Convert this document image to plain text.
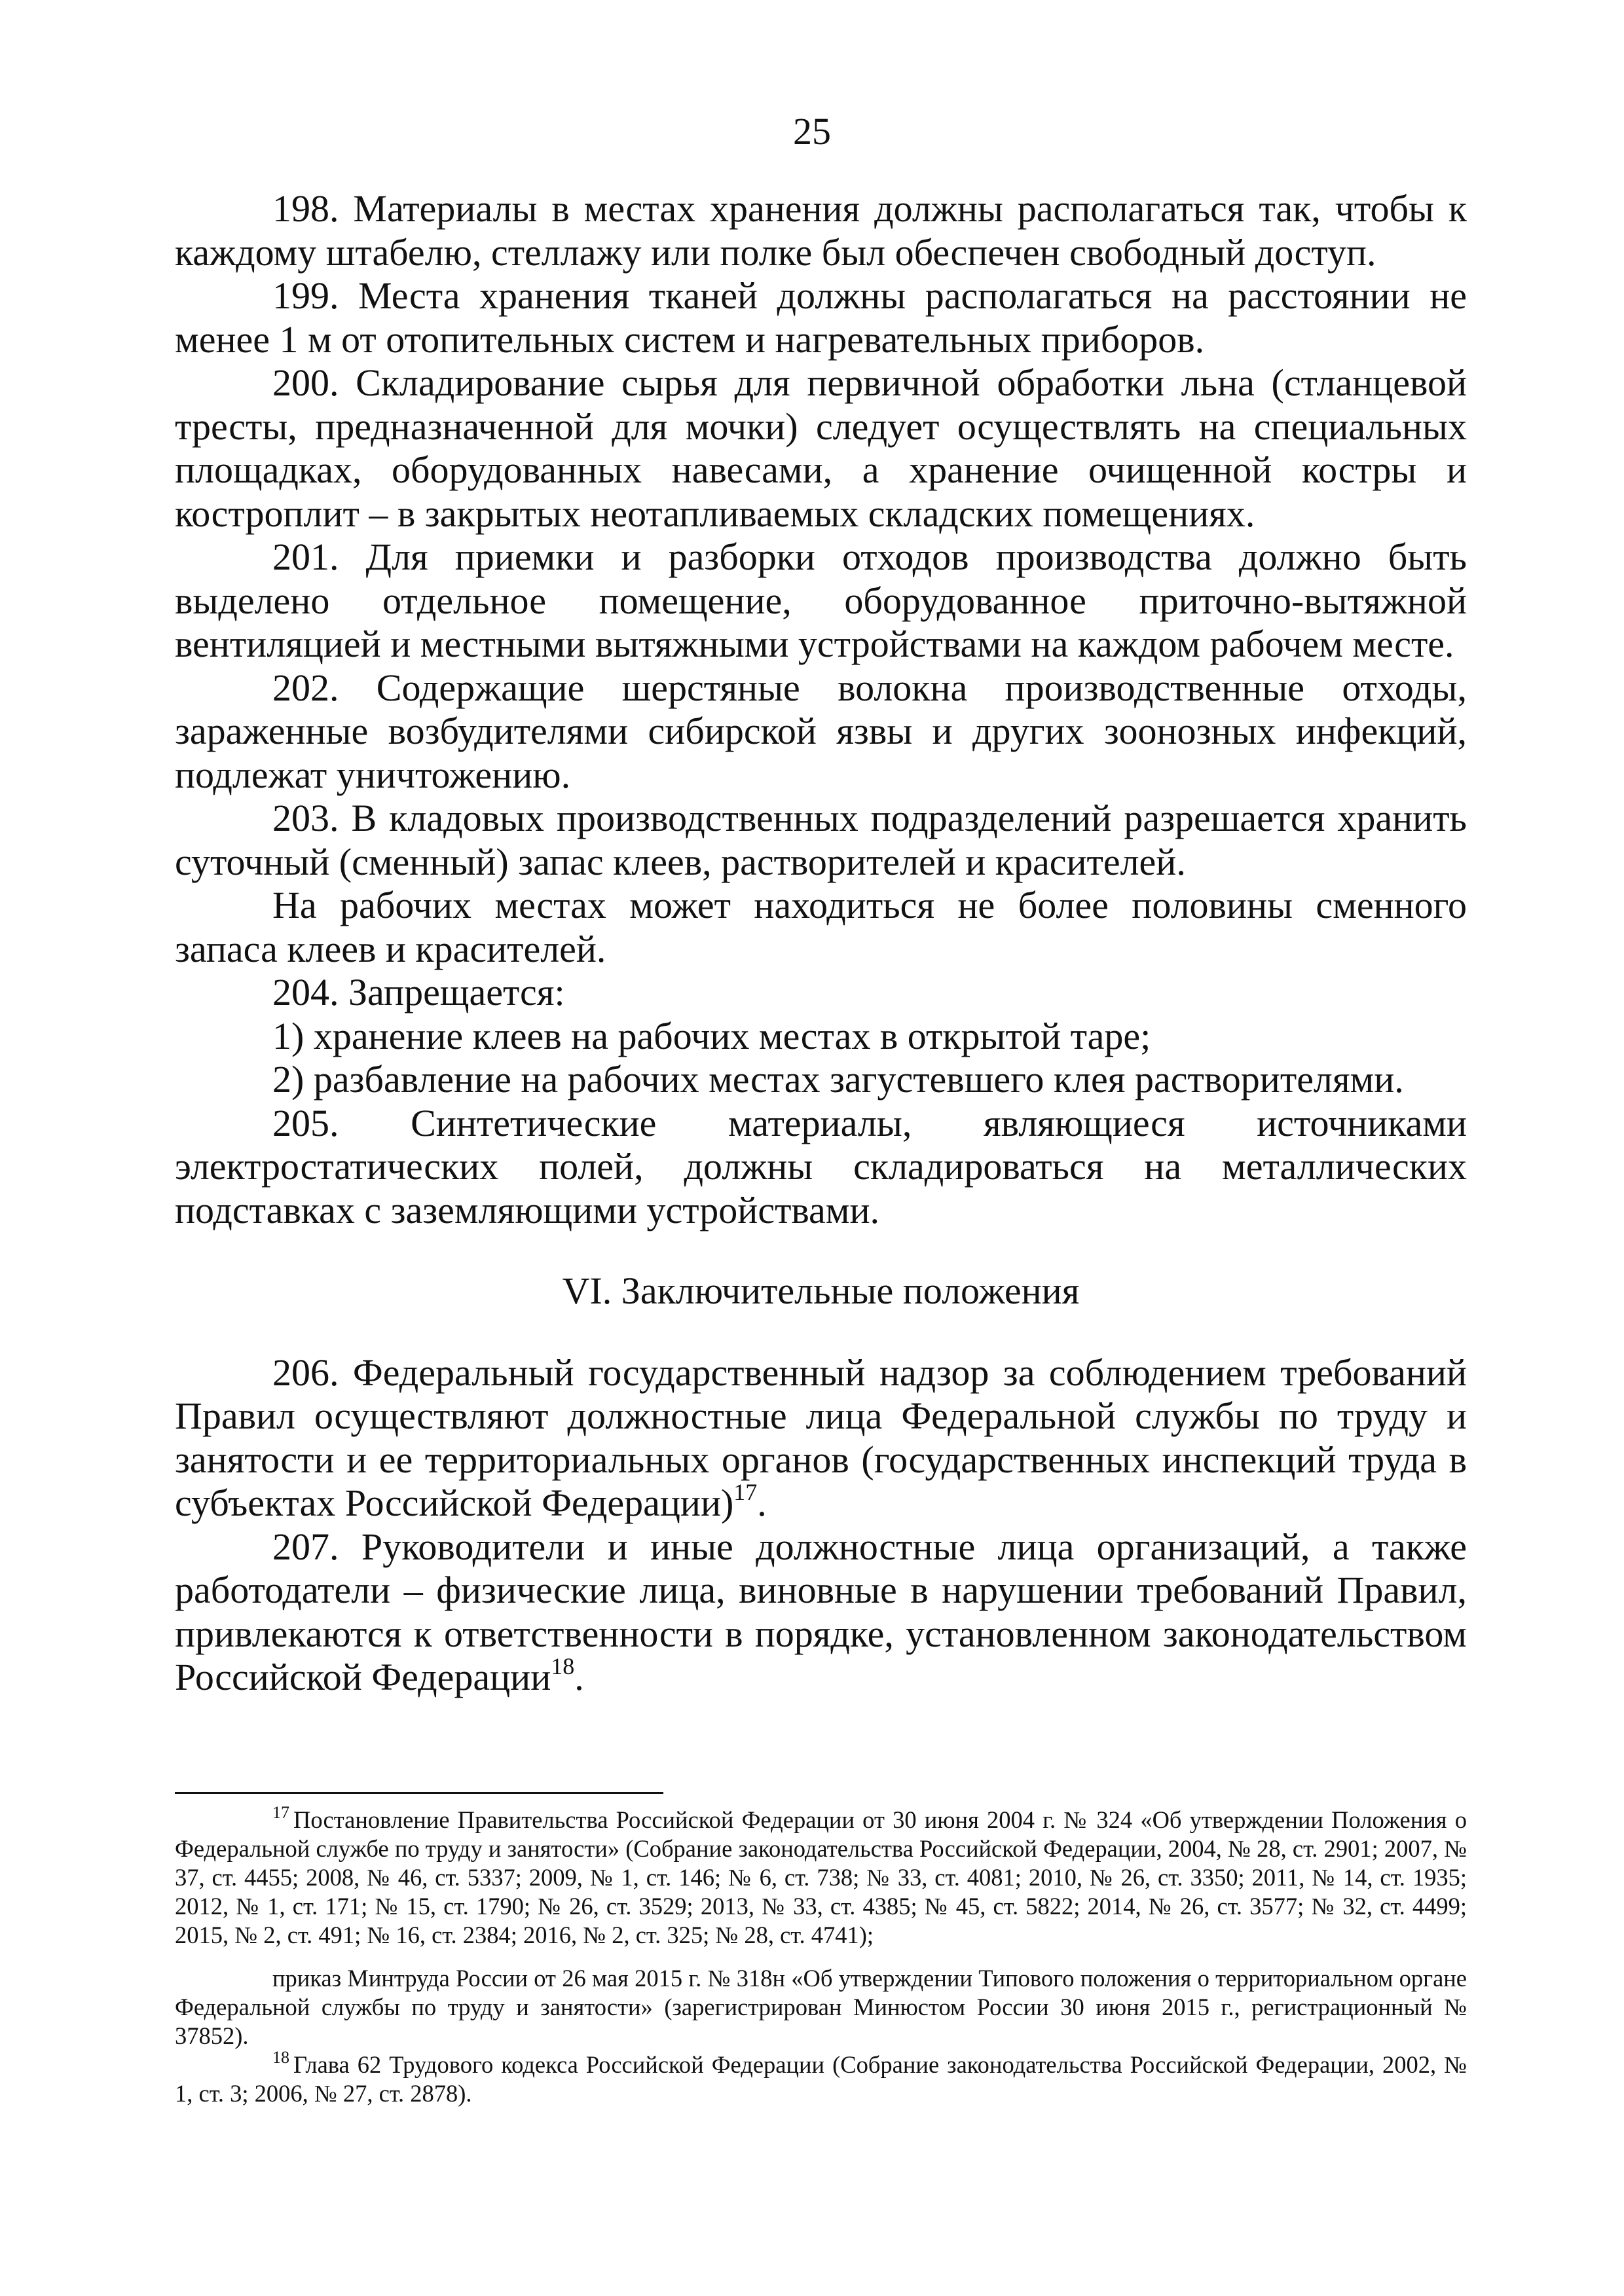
25

198. Материалы в местах хранения должны располагаться так, чтобы к каждому штабелю, стеллажу или полке был обеспечен свободный доступ.

199. Места хранения тканей должны располагаться на расстоянии не менее 1 м от отопительных систем и нагревательных приборов.

200. Складирование сырья для первичной обработки льна (стланцевой тресты, предназначенной для мочки) следует осуществлять на специальных площадках, оборудованных навесами, а хранение очищенной костры и костроплит – в закрытых неотапливаемых складских помещениях.

201. Для приемки и разборки отходов производства должно быть выделено отдельное помещение, оборудованное приточно-вытяжной вентиляцией и местными вытяжными устройствами на каждом рабочем месте.

202. Содержащие шерстяные волокна производственные отходы, зараженные возбудителями сибирской язвы и других зоонозных инфекций, подлежат уничтожению.

203. В кладовых производственных подразделений разрешается хранить суточный (сменный) запас клеев, растворителей и красителей.

На рабочих местах может находиться не более половины сменного запаса клеев и красителей.

204. Запрещается:

1) хранение клеев на рабочих местах в открытой таре;

2) разбавление на рабочих местах загустевшего клея растворителями.

205. Синтетические материалы, являющиеся источниками электростатических полей, должны складироваться на металлических подставках с заземляющими устройствами.

VI. Заключительные положения

206. Федеральный государственный надзор за соблюдением требований Правил осуществляют должностные лица Федеральной службы по труду и занятости и ее территориальных органов (государственных инспекций труда в субъектах Российской Федерации)$^{17}$.

207. Руководители и иные должностные лица организаций, а также работодатели – физические лица, виновные в нарушении требований Правил, привлекаются к ответственности в порядке, установленном законодательством Российской Федерации$^{18}$.

$^{17}$ Постановление Правительства Российской Федерации от 30 июня 2004 г. № 324 «Об утверждении Положения о Федеральной службе по труду и занятости» (Собрание законодательства Российской Федерации, 2004, № 28, ст. 2901; 2007, № 37, ст. 4455; 2008, № 46, ст. 5337; 2009, № 1, ст. 146; № 6, ст. 738; № 33, ст. 4081; 2010, № 26, ст. 3350; 2011, № 14, ст. 1935; 2012, № 1, ст. 171; № 15, ст. 1790; № 26, ст. 3529; 2013, № 33, ст. 4385; № 45, ст. 5822; 2014, № 26, ст. 3577; № 32, ст. 4499; 2015, № 2, ст. 491; № 16, ст. 2384; 2016, № 2, ст. 325; № 28, ст. 4741);

приказ Минтруда России от 26 мая 2015 г. № 318н «Об утверждении Типового положения о территориальном органе Федеральной службы по труду и занятости» (зарегистрирован Минюстом России 30 июня 2015 г., регистрационный № 37852).

$^{18}$ Глава 62 Трудового кодекса Российской Федерации (Собрание законодательства Российской Федерации, 2002, № 1, ст. 3; 2006, № 27, ст. 2878).
